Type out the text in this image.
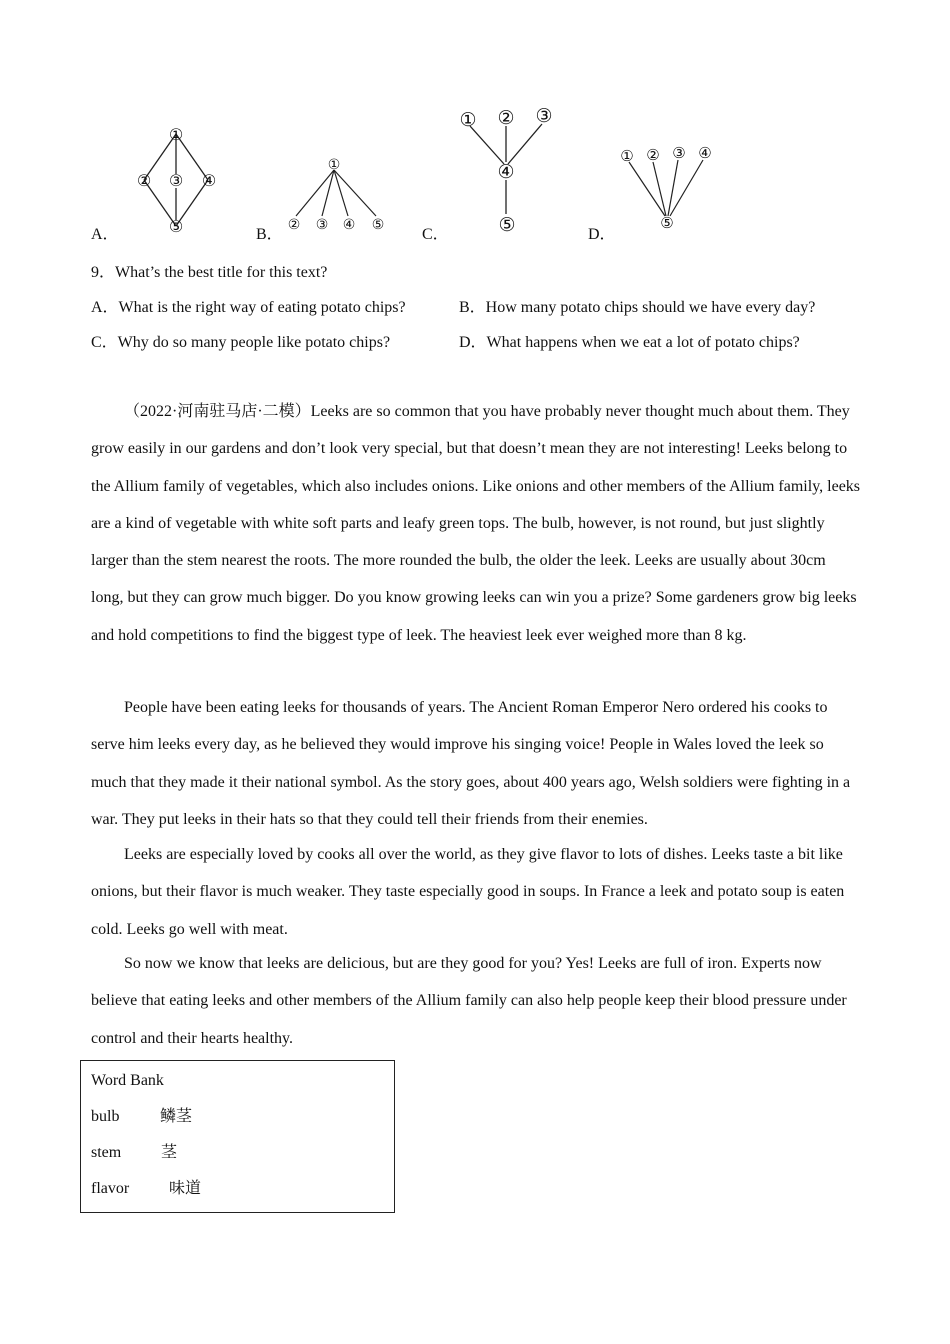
A．	B．	C．	D．
①
② ③ ④
⑤
①
② ③ ④ ⑤
① ② ③
④
⑤
① ② ③ ④
⑤
9．What’s the best title for this text?
A．What is the right way of eating potato chips?	B．How many potato chips should we have every day?
C．Why do so many people like potato chips?	D．What happens when we eat a lot of potato chips?
（2022·河南驻马店·二模）Leeks are so common that you have probably never thought much about them. They grow easily in our gardens and don’t look very special, but that doesn’t mean they are not interesting! Leeks belong to the Allium family of vegetables, which also includes onions. Like onions and other members of the Allium family, leeks are a kind of vegetable with white soft parts and leafy green tops. The bulb, however, is not round, but just slightly larger than the stem nearest the roots. The more rounded the bulb, the older the leek. Leeks are usually about 30cm long, but they can grow much bigger. Do you know growing leeks can win you a prize? Some gardeners grow big leeks and hold competitions to find the biggest type of leek. The heaviest leek ever weighed more than 8 kg.
People have been eating leeks for thousands of years. The Ancient Roman Emperor Nero ordered his cooks to serve him leeks every day, as he believed they would improve his singing voice! People in Wales loved the leek so much that they made it their national symbol. As the story goes, about 400 years ago, Welsh soldiers were fighting in a war. They put leeks in their hats so that they could tell their friends from their enemies.
Leeks are especially loved by cooks all over the world, as they give flavor to lots of dishes. Leeks taste a bit like onions, but their flavor is much weaker. They taste especially good in soups. In France a leek and potato soup is eaten cold. Leeks go well with meat.
So now we know that leeks are delicious, but are they good for you? Yes! Leeks are full of iron. Experts now believe that eating leeks and other members of the Allium family can also help people keep their blood pressure under control and their hearts healthy.
Word Bank
bulb	鳞茎
stem 茎
flavor 味道
